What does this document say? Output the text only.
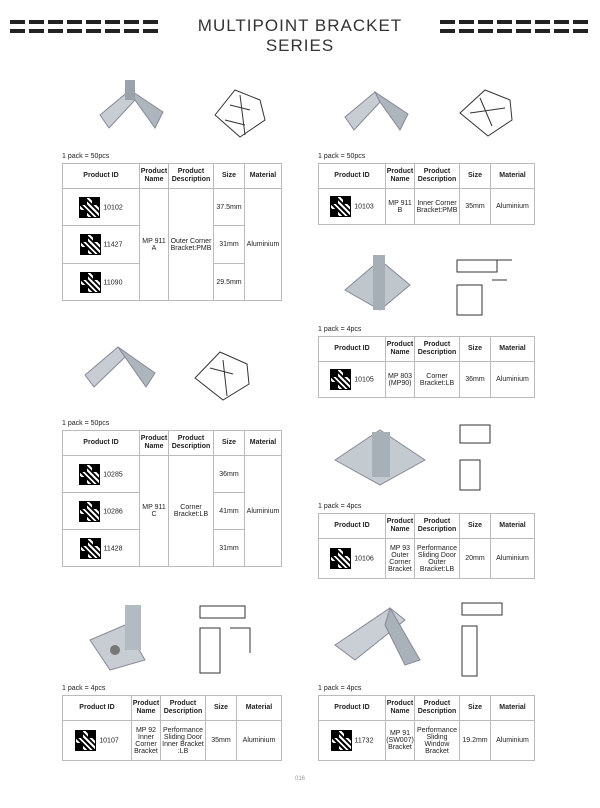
MULTIPOINT BRACKET SERIES
1 pack = 50pcs	1 pack = 50pcs
1 pack = 4pcs
1 pack = 50pcs
1 pack = 4pcs
1 pack = 4pcs	1 pack = 4pcs
Product ID	Product Name	Product Description	Size	Material
10102	MP 911 A	Outer Corner Bracket:PMB	37.5mm	Aluminium
11427			31mm	
11090			29.5mm	
Product ID	Product Name	Product Description	Size	Material
10103	MP 911 B	Inner Corner Bracket:PMB	35mm	Aluminium
Product ID	Product Name	Product Description	Size	Material
10105	MP 803 (MP90)	Corner Bracket:LB	36mm	Aluminium
Product ID	Product Name	Product Description	Size	Material
10285	MP 911 C	Corner Bracket:LB	36mm	Aluminium
10286			41mm	
11428			31mm	
Product ID	Product Name	Product Description	Size	Material
10106	MP 93 Outer Corner Bracket	Performance Sliding Door Outer Bracket:LB	20mm	Aluminium
Product ID	Product Name	Product Description	Size	Material
10107	MP 92 Inner Corner Bracket	Performance Sliding Door Inner Bracket :LB	35mm	Aluminium
Product ID	Product Name	Product Description	Size	Material
11732	MP 91 (SW007) Bracket	Performance Sliding Window Bracket	19.2mm	Aluminium
016
